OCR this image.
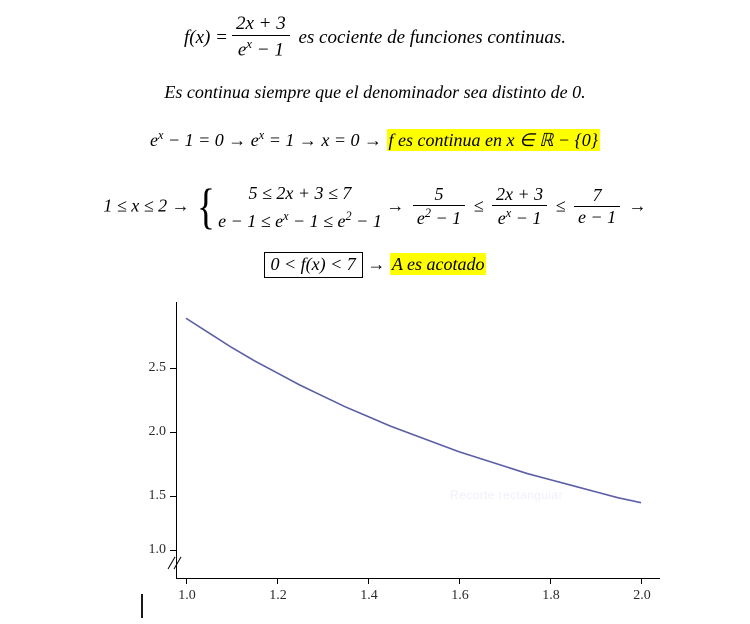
$f(x) = \frac{2x + 3}{e^x - 1}$ es cociente de funciones continuas.
Es continua siempre que el denominador sea distinto de 0.
$e^x - 1 = 0 \to e^x = 1 \to x = 0 \to f$ es continua en x ∈ ℝ − {0}
1 ≤ x ≤ 2 → {	5 ≤ 2x + 3 ≤ 7
$e - 1 \le e^x - 1 \le e^2 - 1$
→ $\frac{5}{e^2 - 1} \le \frac{2x + 3}{e^x - 1} \le \frac{7}{e - 1}$ →
0 < f(x) < 7 → A es acotado
2.5
2.0
1.5
1.0
1.0	1.2	1.4	1.6	1.8	2.0
Recorte rectangular
